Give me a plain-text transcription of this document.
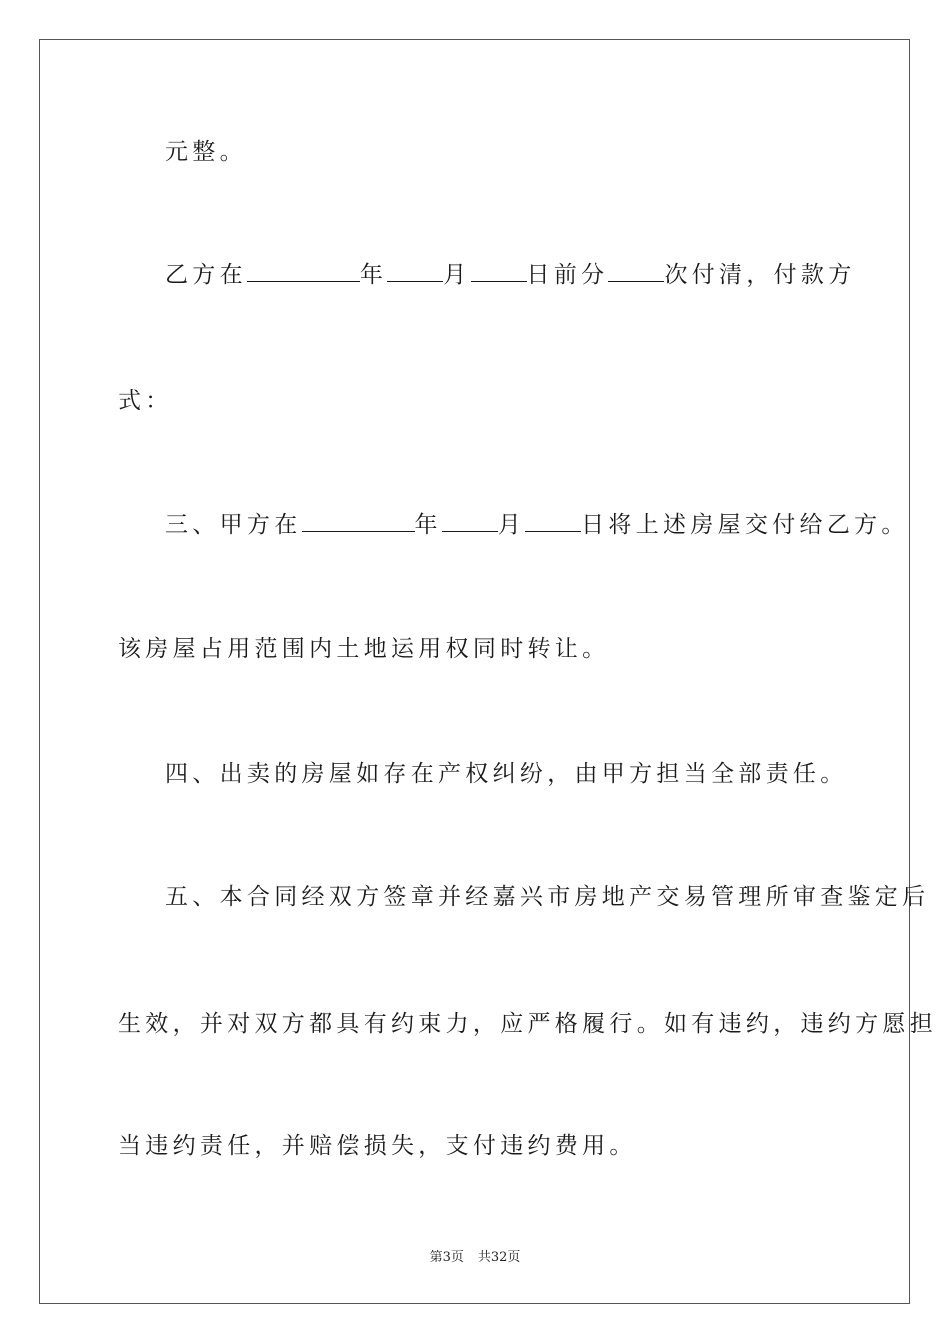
元整。
乙方在	年 月 日前分 次付清，付款方
式：
三、甲方在	年 月 日将上述房屋交付给乙方。
该房屋占用范围内土地运用权同时转让。
四、出卖的房屋如存在产权纠纷，由甲方担当全部责任。
五、本合同经双方签章并经嘉兴市房地产交易管理所审查鉴定后
生效，并对双方都具有约束力，应严格履行。如有违约，违约方愿担
当违约责任，并赔偿损失，支付违约费用。
第3页 共32页
